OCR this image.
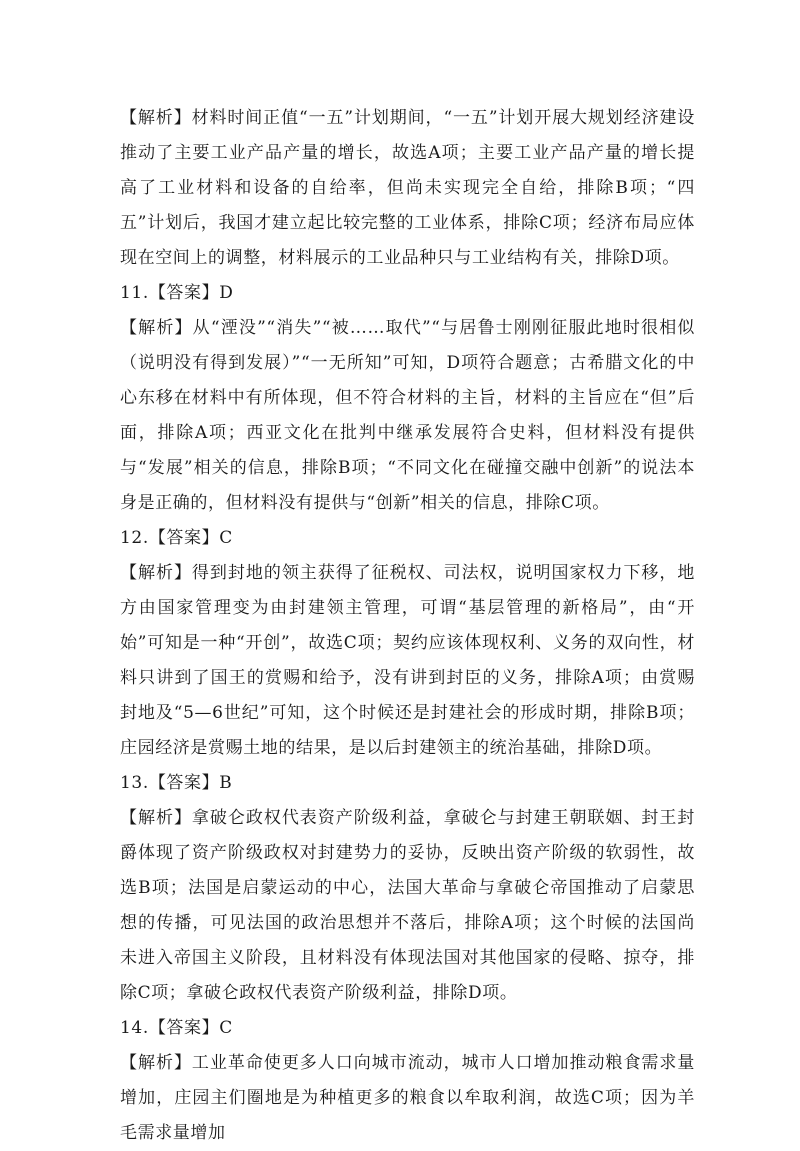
【解析】材料时间正值“一五”计划期间，“一五”计划开展大规划经济建设推动了主要工业产品产量的增长，故选A项；主要工业产品产量的增长提高了工业材料和设备的自给率，但尚未实现完全自给，排除B项；“四五”计划后，我国才建立起比较完整的工业体系，排除C项；经济布局应体现在空间上的调整，材料展示的工业品种只与工业结构有关，排除D项。

11.【答案】D

【解析】从“湮没”“消失”“被……取代”“与居鲁士刚刚征服此地时很相似（说明没有得到发展）”“一无所知”可知，D项符合题意；古希腊文化的中心东移在材料中有所体现，但不符合材料的主旨，材料的主旨应在“但”后面，排除A项；西亚文化在批判中继承发展符合史料，但材料没有提供与“发展”相关的信息，排除B项；“不同文化在碰撞交融中创新”的说法本身是正确的，但材料没有提供与“创新”相关的信息，排除C项。

12.【答案】C

【解析】得到封地的领主获得了征税权、司法权，说明国家权力下移，地方由国家管理变为由封建领主管理，可谓“基层管理的新格局”，由“开始”可知是一种“开创”，故选C项；契约应该体现权利、义务的双向性，材料只讲到了国王的赏赐和给予，没有讲到封臣的义务，排除A项；由赏赐封地及“5—6世纪”可知，这个时候还是封建社会的形成时期，排除B项；庄园经济是赏赐土地的结果，是以后封建领主的统治基础，排除D项。

13.【答案】B

【解析】拿破仑政权代表资产阶级利益，拿破仑与封建王朝联姻、封王封爵体现了资产阶级政权对封建势力的妥协，反映出资产阶级的软弱性，故选B项；法国是启蒙运动的中心，法国大革命与拿破仑帝国推动了启蒙思想的传播，可见法国的政治思想并不落后，排除A项；这个时候的法国尚未进入帝国主义阶段，且材料没有体现法国对其他国家的侵略、掠夺，排除C项；拿破仑政权代表资产阶级利益，排除D项。

14.【答案】C

【解析】工业革命使更多人口向城市流动，城市人口增加推动粮食需求量增加，庄园主们圈地是为种植更多的粮食以牟取利润，故选C项；因为羊毛需求量增加
